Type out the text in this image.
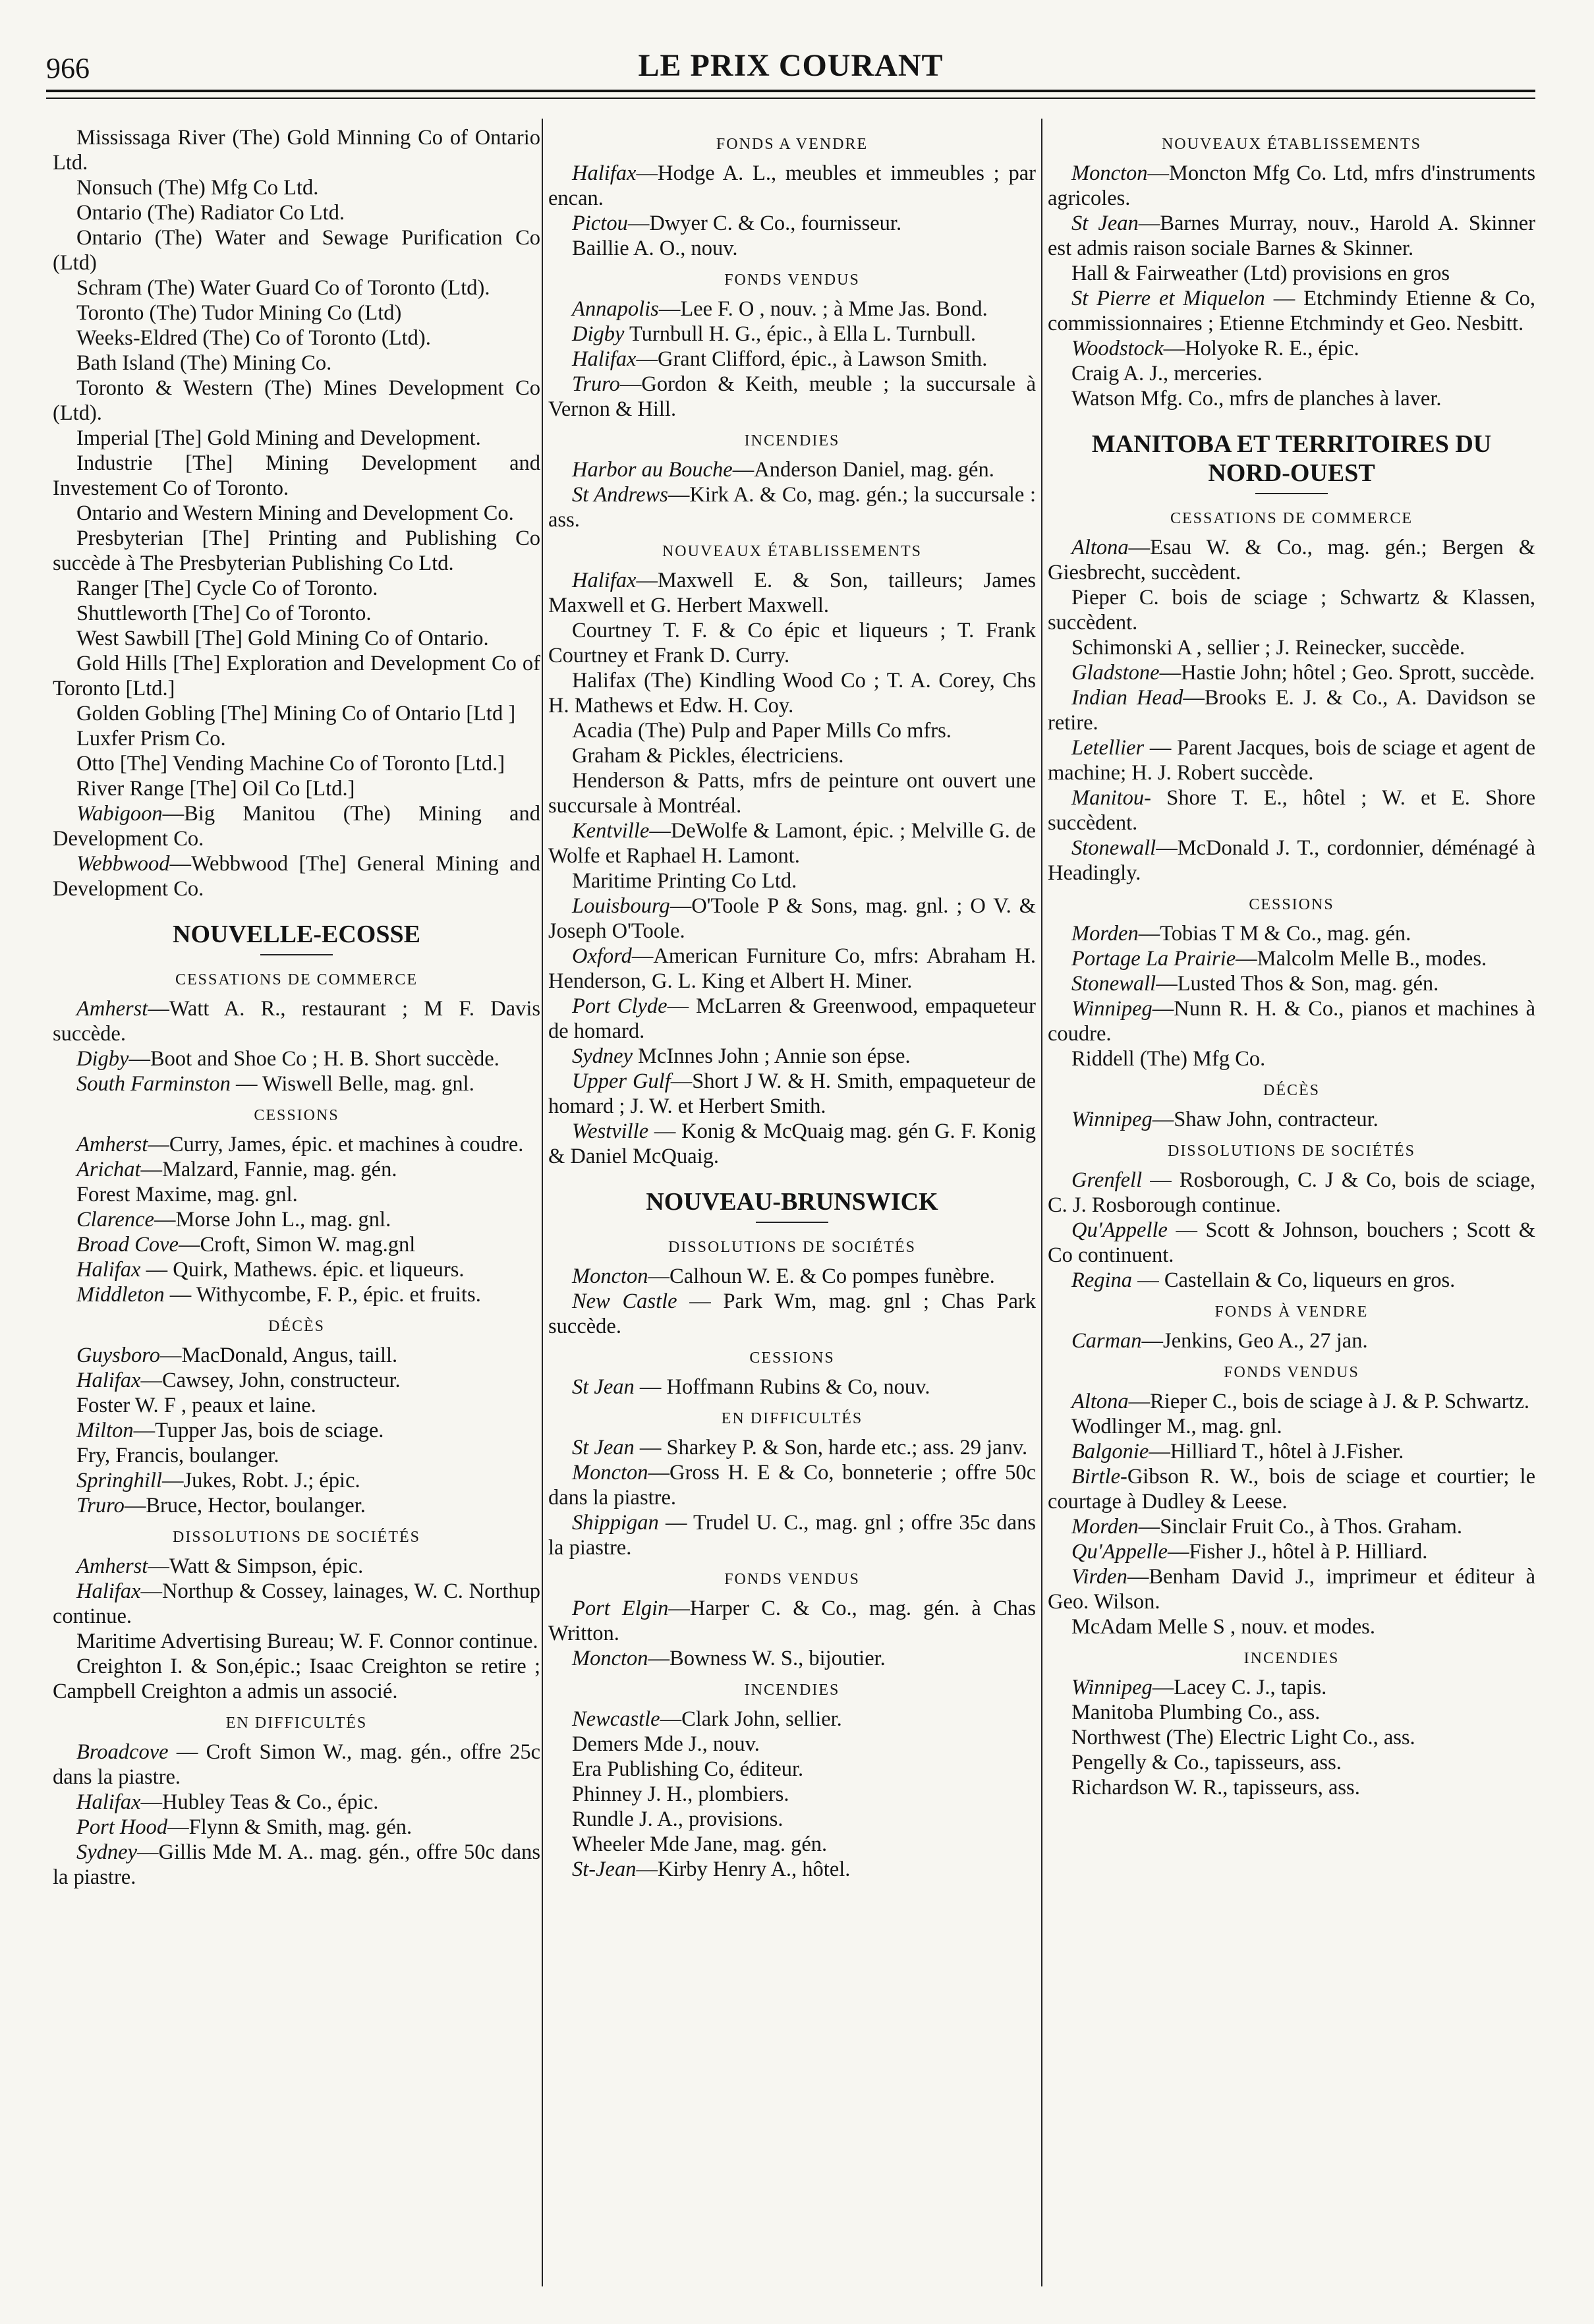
966	LE PRIX COURANT
Mississaga River (The) Gold Minning Co of Ontario Ltd.
Nonsuch (The) Mfg Co Ltd.
Ontario (The) Radiator Co Ltd.
Ontario (The) Water and Sewage Purification Co (Ltd)
Schram (The) Water Guard Co of Toronto (Ltd).
Toronto (The) Tudor Mining Co (Ltd)
Weeks-Eldred (The) Co of Toronto (Ltd).
Bath Island (The) Mining Co.
Toronto & Western (The) Mines Development Co (Ltd).
Imperial [The] Gold Mining and Development.
Industrie [The] Mining Development and Investement Co of Toronto.
Ontario and Western Mining and Development Co.
Presbyterian [The] Printing and Publishing Co succède à The Presbyterian Publishing Co Ltd.
Ranger [The] Cycle Co of Toronto.
Shuttleworth [The] Co of Toronto.
West Sawbill [The] Gold Mining Co of Ontario.
Gold Hills [The] Exploration and Development Co of Toronto [Ltd.]
Golden Gobling [The] Mining Co of Ontario [Ltd ]
Luxfer Prism Co.
Otto [The] Vending Machine Co of Toronto [Ltd.]
River Range [The] Oil Co [Ltd.]
Wabigoon—Big Manitou (The) Mining and Development Co.
Webbwood—Webbwood [The] General Mining and Development Co.
NOUVELLE-ECOSSE
CESSATIONS DE COMMERCE
Amherst—Watt A. R., restaurant ; M F. Davis succède.
Digby—Boot and Shoe Co ; H. B. Short succède.
South Farminston — Wiswell Belle, mag. gnl.
CESSIONS
Amherst—Curry, James, épic. et machines à coudre.
Arichat—Malzard, Fannie, mag. gén.
Forest Maxime, mag. gnl.
Clarence—Morse John L., mag. gnl.
Broad Cove—Croft, Simon W. mag.gnl
Halifax — Quirk, Mathews. épic. et liqueurs.
Middleton — Withycombe, F. P., épic. et fruits.
DÉCÈS
Guysboro—MacDonald, Angus, taill.
Halifax—Cawsey, John, constructeur.
Foster W. F , peaux et laine.
Milton—Tupper Jas, bois de sciage.
Fry, Francis, boulanger.
Springhill—Jukes, Robt. J.; épic.
Truro—Bruce, Hector, boulanger.
DISSOLUTIONS DE SOCIÉTÉS
Amherst—Watt & Simpson, épic.
Halifax—Northup & Cossey, lainages, W. C. Northup continue.
Maritime Advertising Bureau; W. F. Connor continue.
Creighton I. & Son,épic.; Isaac Creighton se retire ; Campbell Creighton a admis un associé.
EN DIFFICULTÉS
Broadcove — Croft Simon W., mag. gén., offre 25c dans la piastre.
Halifax—Hubley Teas & Co., épic.
Port Hood—Flynn & Smith, mag. gén.
Sydney—Gillis Mde M. A.. mag. gén., offre 50c dans la piastre.
FONDS A VENDRE
Halifax—Hodge A. L., meubles et immeubles ; par encan.
Pictou—Dwyer C. & Co., fournisseur.
Baillie A. O., nouv.
FONDS VENDUS
Annapolis—Lee F. O , nouv. ; à Mme Jas. Bond.
Digby Turnbull H. G., épic., à Ella L. Turnbull.
Halifax—Grant Clifford, épic., à Lawson Smith.
Truro—Gordon & Keith, meuble ; la succursale à Vernon & Hill.
INCENDIES
Harbor au Bouche—Anderson Daniel, mag. gén.
St Andrews—Kirk A. & Co, mag. gén.; la succursale : ass.
NOUVEAUX ÉTABLISSEMENTS
Halifax—Maxwell E. & Son, tailleurs; James Maxwell et G. Herbert Maxwell.
Courtney T. F. & Co épic et liqueurs ; T. Frank Courtney et Frank D. Curry.
Halifax (The) Kindling Wood Co ; T. A. Corey, Chs H. Mathews et Edw. H. Coy.
Acadia (The) Pulp and Paper Mills Co mfrs.
Graham & Pickles, électriciens.
Henderson & Patts, mfrs de peinture ont ouvert une succursale à Montréal.
Kentville—DeWolfe & Lamont, épic. ; Melville G. de Wolfe et Raphael H. Lamont.
Maritime Printing Co Ltd.
Louisbourg—O'Toole P & Sons, mag. gnl. ; O V. & Joseph O'Toole.
Oxford—American Furniture Co, mfrs: Abraham H. Henderson, G. L. King et Albert H. Miner.
Port Clyde— McLarren & Greenwood, empaqueteur de homard.
Sydney McInnes John ; Annie son épse.
Upper Gulf—Short J W. & H. Smith, empaqueteur de homard ; J. W. et Herbert Smith.
Westville — Konig & McQuaig mag. gén G. F. Konig & Daniel McQuaig.
NOUVEAU-BRUNSWICK
DISSOLUTIONS DE SOCIÉTÉS
Moncton—Calhoun W. E. & Co pompes funèbre.
New Castle — Park Wm, mag. gnl ; Chas Park succède.
CESSIONS
St Jean — Hoffmann Rubins & Co, nouv.
EN DIFFICULTÉS
St Jean — Sharkey P. & Son, harde etc.; ass. 29 janv.
Moncton—Gross H. E & Co, bonneterie ; offre 50c dans la piastre.
Shippigan — Trudel U. C., mag. gnl ; offre 35c dans la piastre.
FONDS VENDUS
Port Elgin—Harper C. & Co., mag. gén. à Chas Writton.
Moncton—Bowness W. S., bijoutier.
INCENDIES
Newcastle—Clark John, sellier.
Demers Mde J., nouv.
Era Publishing Co, éditeur.
Phinney J. H., plombiers.
Rundle J. A., provisions.
Wheeler Mde Jane, mag. gén.
St-Jean—Kirby Henry A., hôtel.
NOUVEAUX ÉTABLISSEMENTS
Moncton—Moncton Mfg Co. Ltd, mfrs d'instruments agricoles.
St Jean—Barnes Murray, nouv., Harold A. Skinner est admis raison sociale Barnes & Skinner.
Hall & Fairweather (Ltd) provisions en gros
St Pierre et Miquelon — Etchmindy Etienne & Co, commissionnaires ; Etienne Etchmindy et Geo. Nesbitt.
Woodstock—Holyoke R. E., épic.
Craig A. J., merceries.
Watson Mfg. Co., mfrs de planches à laver.
MANITOBA ET TERRITOIRES DU NORD-OUEST
CESSATIONS DE COMMERCE
Altona—Esau W. & Co., mag. gén.; Bergen & Giesbrecht, succèdent.
Pieper C. bois de sciage ; Schwartz & Klassen, succèdent.
Schimonski A , sellier ; J. Reinecker, succède.
Gladstone—Hastie John; hôtel ; Geo. Sprott, succède.
Indian Head—Brooks E. J. & Co., A. Davidson se retire.
Letellier — Parent Jacques, bois de sciage et agent de machine; H. J. Robert succède.
Manitou- Shore T. E., hôtel ; W. et E. Shore succèdent.
Stonewall—McDonald J. T., cordonnier, déménagé à Headingly.
CESSIONS
Morden—Tobias T M & Co., mag. gén.
Portage La Prairie—Malcolm Melle B., modes.
Stonewall—Lusted Thos & Son, mag. gén.
Winnipeg—Nunn R. H. & Co., pianos et machines à coudre.
Riddell (The) Mfg Co.
DÉCÈS
Winnipeg—Shaw John, contracteur.
DISSOLUTIONS DE SOCIÉTÉS
Grenfell — Rosborough, C. J & Co, bois de sciage, C. J. Rosborough continue.
Qu'Appelle — Scott & Johnson, bouchers ; Scott & Co continuent.
Regina — Castellain & Co, liqueurs en gros.
FONDS À VENDRE
Carman—Jenkins, Geo A., 27 jan.
FONDS VENDUS
Altona—Rieper C., bois de sciage à J. & P. Schwartz.
Wodlinger M., mag. gnl.
Balgonie—Hilliard T., hôtel à J.Fisher.
Birtle-Gibson R. W., bois de sciage et courtier; le courtage à Dudley & Leese.
Morden—Sinclair Fruit Co., à Thos. Graham.
Qu'Appelle—Fisher J., hôtel à P. Hilliard.
Virden—Benham David J., imprimeur et éditeur à Geo. Wilson.
McAdam Melle S , nouv. et modes.
INCENDIES
Winnipeg—Lacey C. J., tapis.
Manitoba Plumbing Co., ass.
Northwest (The) Electric Light Co., ass.
Pengelly & Co., tapisseurs, ass.
Richardson W. R., tapisseurs, ass.
